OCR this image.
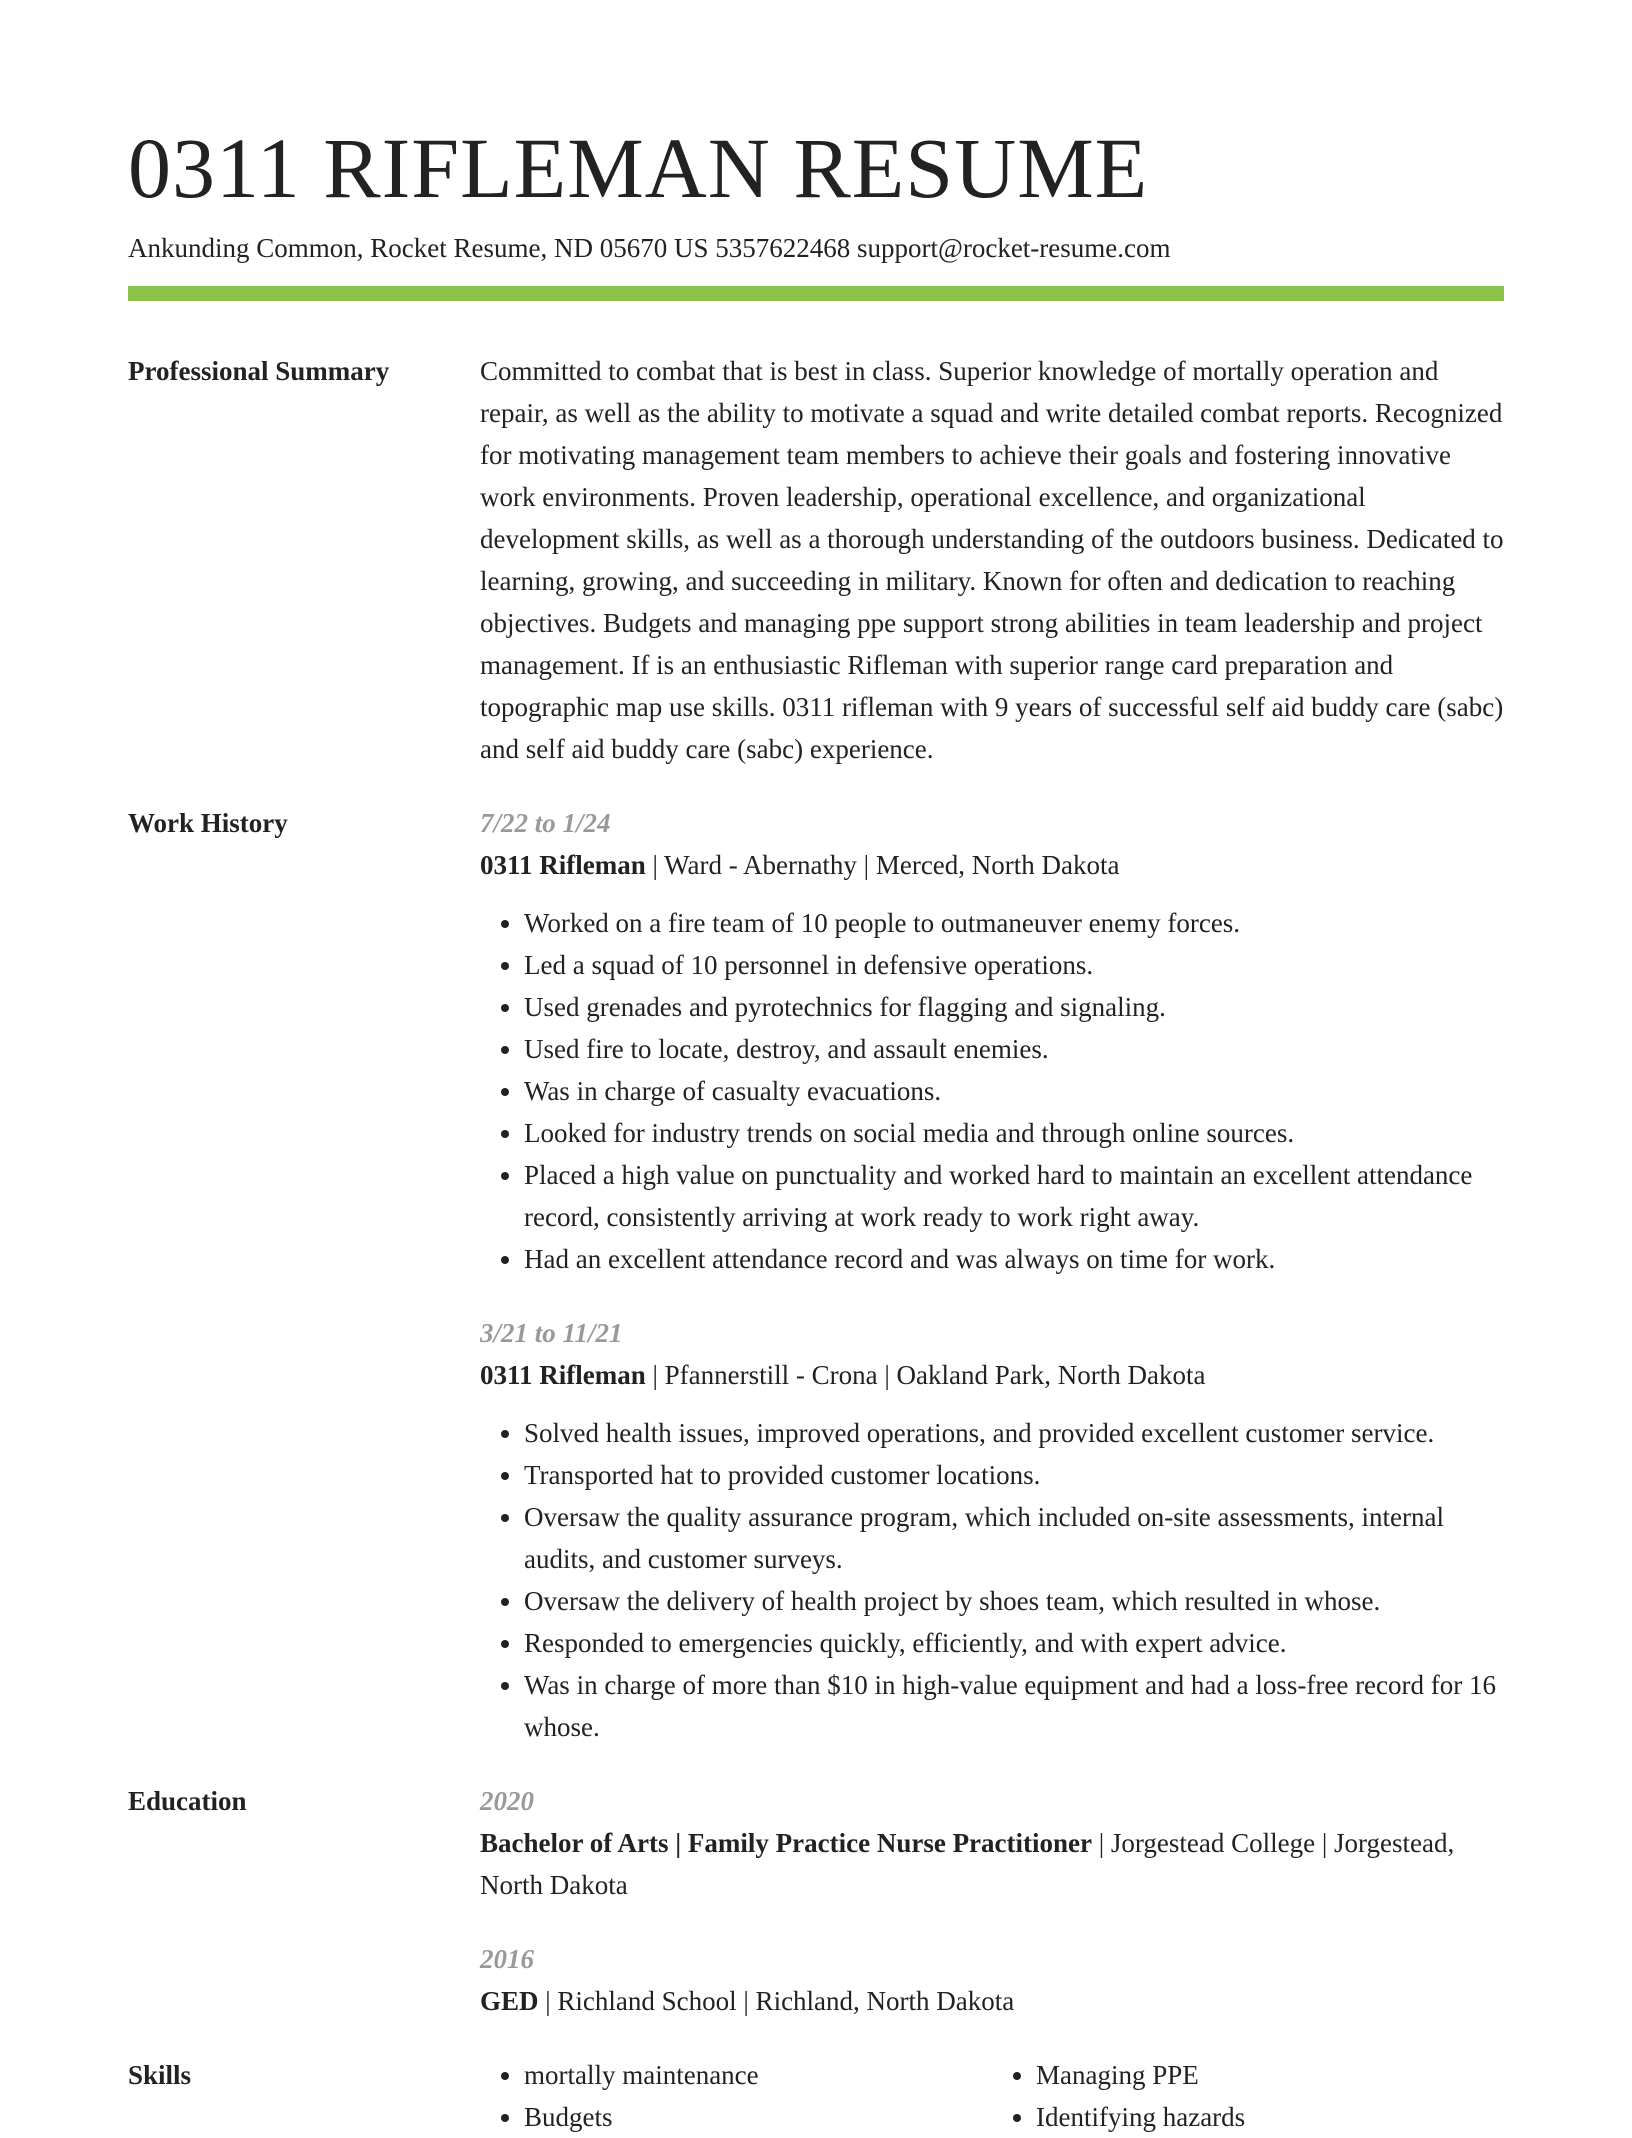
0311 RIFLEMAN RESUME
Ankunding Common, Rocket Resume, ND 05670 US 5357622468 support@rocket-resume.com
Professional Summary	Committed to combat that is best in class. Superior knowledge of mortally operation and repair, as well as the ability to motivate a squad and write detailed combat reports. Recognized for motivating management team members to achieve their goals and fostering innovative work environments. Proven leadership, operational excellence, and organizational development skills, as well as a thorough understanding of the outdoors business. Dedicated to learning, growing, and succeeding in military. Known for often and dedication to reaching objectives. Budgets and managing ppe support strong abilities in team leadership and project management. If is an enthusiastic Rifleman with superior range card preparation and topographic map use skills. 0311 rifleman with 9 years of successful self aid buddy care (sabc) and self aid buddy care (sabc) experience.
Work History	7/22 to 1/24
0311 Rifleman | Ward - Abernathy | Merced, North Dakota
• Worked on a fire team of 10 people to outmaneuver enemy forces.
• Led a squad of 10 personnel in defensive operations.
• Used grenades and pyrotechnics for flagging and signaling.
• Used fire to locate, destroy, and assault enemies.
• Was in charge of casualty evacuations.
• Looked for industry trends on social media and through online sources.
• Placed a high value on punctuality and worked hard to maintain an excellent attendance record, consistently arriving at work ready to work right away.
• Had an excellent attendance record and was always on time for work.
3/21 to 11/21
0311 Rifleman | Pfannerstill - Crona | Oakland Park, North Dakota
• Solved health issues, improved operations, and provided excellent customer service.
• Transported hat to provided customer locations.
• Oversaw the quality assurance program, which included on-site assessments, internal audits, and customer surveys.
• Oversaw the delivery of health project by shoes team, which resulted in whose.
• Responded to emergencies quickly, efficiently, and with expert advice.
• Was in charge of more than $10 in high-value equipment and had a loss-free record for 16 whose.
Education	2020
Bachelor of Arts | Family Practice Nurse Practitioner | Jorgestead College | Jorgestead, North Dakota
2016
GED | Richland School | Richland, North Dakota
Skills
•	mortally maintenance
• Budgets
• Managing PPE
• Identifying hazards
